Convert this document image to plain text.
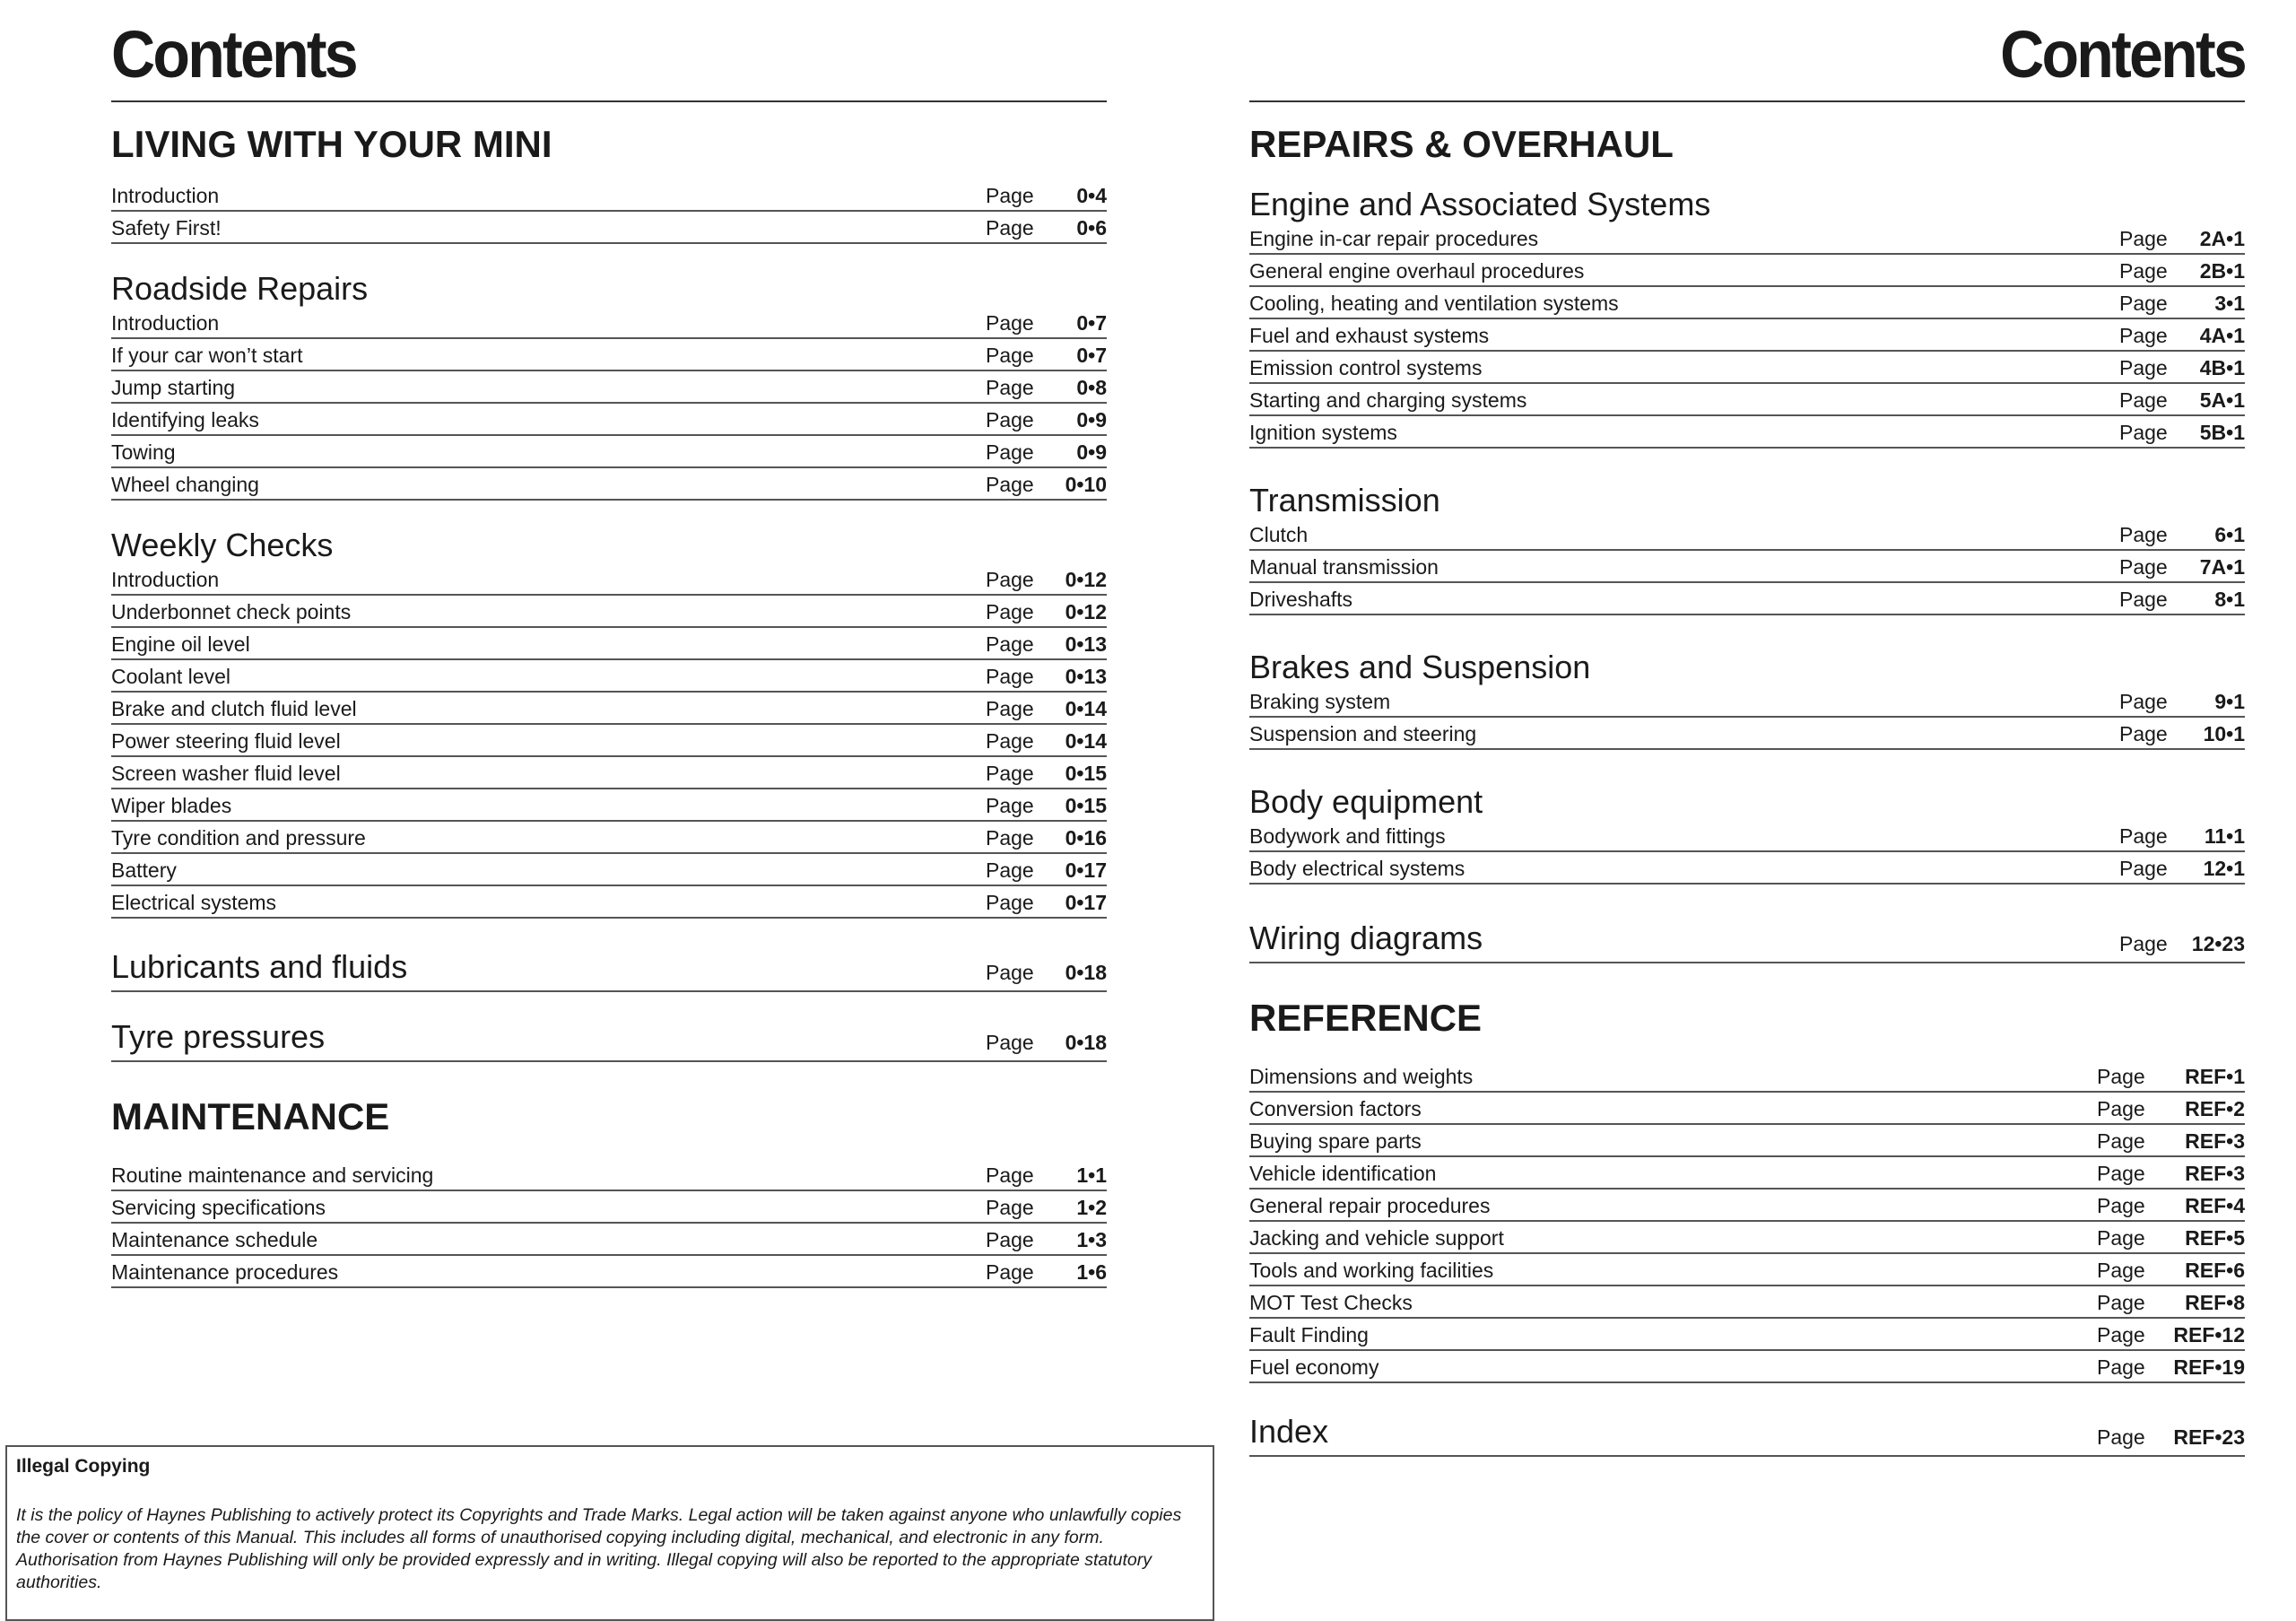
Contents
LIVING WITH YOUR MINI
Introduction	Page	0•4
Safety First!	Page	0•6
Roadside Repairs
Introduction	Page	0•7
If your car won’t start	Page	0•7
Jump starting	Page	0•8
Identifying leaks	Page	0•9
Towing	Page	0•9
Wheel changing	Page	0•10
Weekly Checks
Introduction	Page	0•12
Underbonnet check points	Page	0•12
Engine oil level	Page	0•13
Coolant level	Page	0•13
Brake and clutch fluid level	Page	0•14
Power steering fluid level	Page	0•14
Screen washer fluid level	Page	0•15
Wiper blades	Page	0•15
Tyre condition and pressure	Page	0•16
Battery	Page	0•17
Electrical systems	Page	0•17
Lubricants and fluids	Page	0•18
Tyre pressures	Page	0•18
MAINTENANCE
Routine maintenance and servicing	Page	1•1
Servicing specifications	Page	1•2
Maintenance schedule	Page	1•3
Maintenance procedures	Page	1•6
Illegal Copying
It is the policy of Haynes Publishing to actively protect its Copyrights and Trade Marks. Legal action will be taken against anyone who unlawfully copies the cover or contents of this Manual. This includes all forms of unauthorised copying including digital, mechanical, and electronic in any form. Authorisation from Haynes Publishing will only be provided expressly and in writing. Illegal copying will also be reported to the appropriate statutory authorities.
Contents
REPAIRS & OVERHAUL
Engine and Associated Systems
Engine in-car repair procedures	Page	2A•1
General engine overhaul procedures	Page	2B•1
Cooling, heating and ventilation systems	Page	3•1
Fuel and exhaust systems	Page	4A•1
Emission control systems	Page	4B•1
Starting and charging systems	Page	5A•1
Ignition systems	Page	5B•1
Transmission
Clutch	Page	6•1
Manual transmission	Page	7A•1
Driveshafts	Page	8•1
Brakes and Suspension
Braking system	Page	9•1
Suspension and steering	Page	10•1
Body equipment
Bodywork and fittings	Page	11•1
Body electrical systems	Page	12•1
Wiring diagrams	Page	12•23
REFERENCE
Dimensions and weights	Page	REF•1
Conversion factors	Page	REF•2
Buying spare parts	Page	REF•3
Vehicle identification	Page	REF•3
General repair procedures	Page	REF•4
Jacking and vehicle support	Page	REF•5
Tools and working facilities	Page	REF•6
MOT Test Checks	Page	REF•8
Fault Finding	Page	REF•12
Fuel economy	Page	REF•19
Index	Page	REF•23
